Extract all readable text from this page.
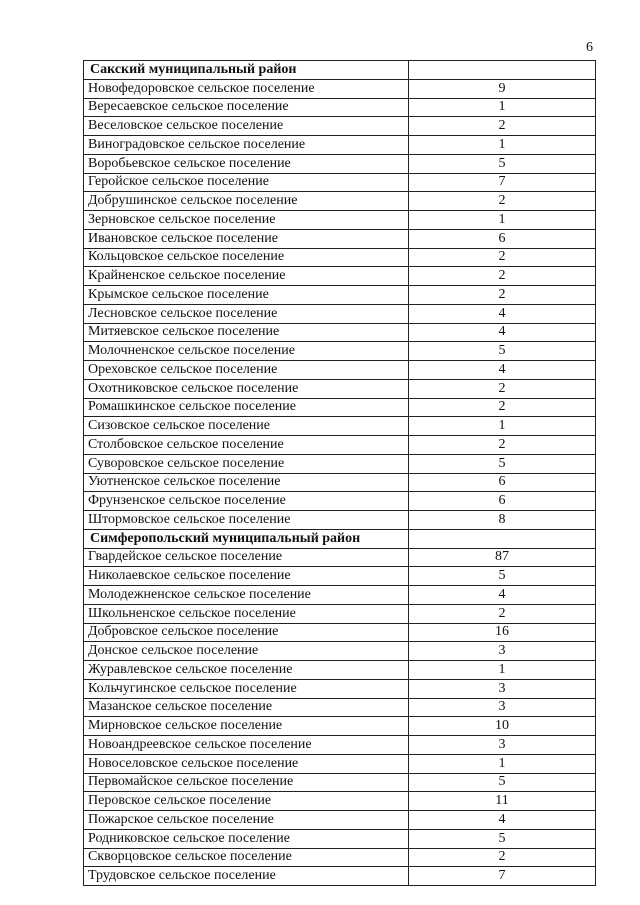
6
Сакский муниципальный район	
Новофедоровское сельское поселение	9
Вересаевское сельское поселение	1
Веселовское сельское поселение	2
Виноградовское сельское поселение	1
Воробьевское сельское поселение	5
Геройское сельское поселение	7
Добрушинское сельское поселение	2
Зерновское сельское поселение	1
Ивановское сельское поселение	6
Кольцовское сельское поселение	2
Крайненское сельское поселение	2
Крымское сельское поселение	2
Лесновское сельское поселение	4
Митяевское сельское поселение	4
Молочненское сельское поселение	5
Ореховское сельское поселение	4
Охотниковское сельское поселение	2
Ромашкинское сельское поселение	2
Сизовское сельское поселение	1
Столбовское сельское поселение	2
Суворовское сельское поселение	5
Уютненское сельское поселение	6
Фрунзенское сельское поселение	6
Штормовское сельское поселение	8
Симферопольский муниципальный район	
Гвардейское сельское поселение	87
Николаевское сельское поселение	5
Молодежненское сельское поселение	4
Школьненское сельское поселение	2
Добровское сельское поселение	16
Донское сельское поселение	3
Журавлевское сельское поселение	1
Кольчугинское сельское поселение	3
Мазанское сельское поселение	3
Мирновское сельское поселение	10
Новоандреевское сельское поселение	3
Новоселовское сельское поселение	1
Первомайское сельское поселение	5
Перовское сельское поселение	11
Пожарское сельское поселение	4
Родниковское сельское поселение	5
Скворцовское сельское поселение	2
Трудовское сельское поселение	7
